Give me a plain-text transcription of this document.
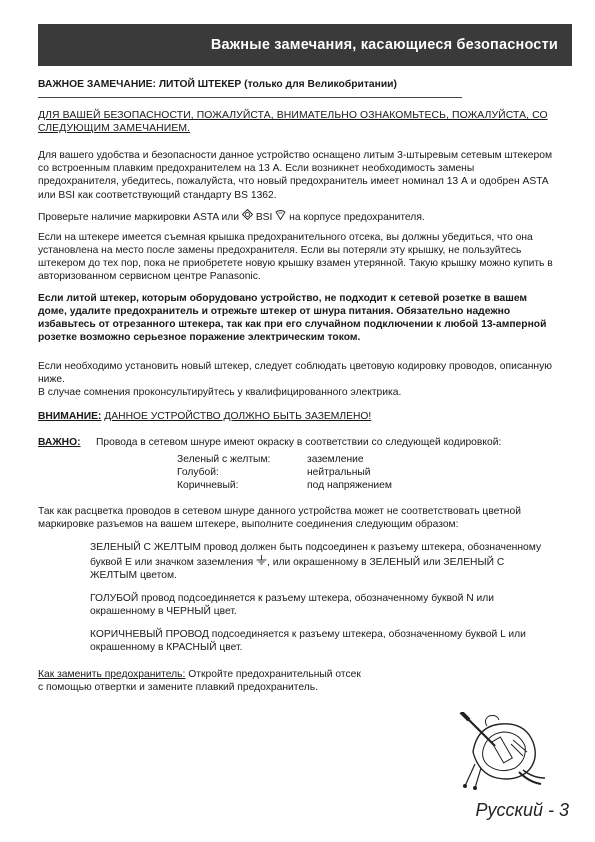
Важные замечания, касающиеся безопасности

ВАЖНОЕ ЗАМЕЧАНИЕ: ЛИТОЙ ШТЕКЕР (только для Великобритании)

ДЛЯ ВАШЕЙ БЕЗОПАСНОСТИ, ПОЖАЛУЙСТА, ВНИМАТЕЛЬНО ОЗНАКОМЬТЕСЬ, ПОЖАЛУЙСТА, СО СЛЕДУЮЩИМ ЗАМЕЧАНИЕМ.

Для вашего удобства и безопасности данное устройство оснащено литым 3-штыревым сетевым штекером со встроенным плавким предохранителем на 13 А. Если возникнет необходимость замены предохранителя, убедитесь, пожалуйста, что новый предохранитель имеет номинал 13 А и одобрен ASTA или BSI как соответствующий стандарту BS 1362.

Проверьте наличие маркировки ASTA или BSI на корпусе предохранителя.

Если на штекере имеется съемная крышка предохранительного отсека, вы должны убедиться, что она установлена на место после замены предохранителя. Если вы потеряли эту крышку, не пользуйтесь штекером до тех пор, пока не приобретете новую крышку взамен утерянной. Такую крышку можно купить в авторизованном сервисном центре Panasonic.

Если литой штекер, которым оборудовано устройство, не подходит к сетевой розетке в вашем доме, удалите предохранитель и отрежьте штекер от шнура питания. Обязательно надежно избавьтесь от отрезанного штекера, так как при его случайном подключении к любой 13-амперной розетке возможно серьезное поражение электрическим током.

Если необходимо установить новый штекер, следует соблюдать цветовую кодировку проводов, описанную ниже.

В случае сомнения проконсультируйтесь у квалифицированного электрика.

ВНИМАНИЕ: ДАННОЕ УСТРОЙСТВО ДОЛЖНО БЫТЬ ЗАЗЕМЛЕНО!

ВАЖНО:	Провода в сетевом шнуре имеют окраску в соответствии со следующей кодировкой:
Зеленый с желтым:	заземление
Голубой:	нейтральный
Коричневый:	под напряжением

Так как расцветка проводов в сетевом шнуре данного устройства может не соответствовать цветной маркировке разъемов на вашем штекере, выполните соединения следующим образом:

ЗЕЛЕНЫЙ С ЖЕЛТЫМ провод должен быть подсоединен к разъему штекера, обозначенному буквой E или значком заземления , или окрашенному в ЗЕЛЕНЫЙ или ЗЕЛЕНЫЙ С ЖЕЛТЫМ цветом.

ГОЛУБОЙ провод подсоединяется к разъему штекера, обозначенному буквой N или окрашенному в ЧЕРНЫЙ цвет.

КОРИЧНЕВЫЙ ПРОВОД подсоединяется к разъему штекера, обозначенному буквой L или окрашенному в КРАСНЫЙ цвет.

Как заменить предохранитель: Откройте предохранительный отсек
с помощью отвертки и замените плавкий предохранитель.

Русский - 3
